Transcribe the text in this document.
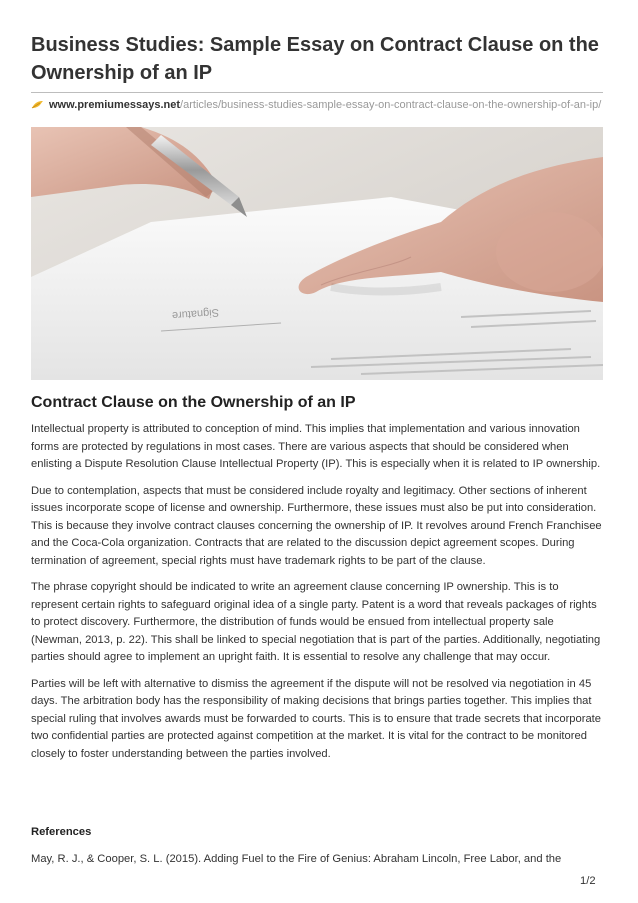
Business Studies: Sample Essay on Contract Clause on the Ownership of an IP
www.premiumessays.net/articles/business-studies-sample-essay-on-contract-clause-on-the-ownership-of-an-ip/
Signature
Contract Clause on the Ownership of an IP

Intellectual property is attributed to conception of mind. This implies that implementation and various innovation forms are protected by regulations in most cases. There are various aspects that should be considered when enlisting a Dispute Resolution Clause Intellectual Property (IP). This is especially when it is related to IP ownership.

Due to contemplation, aspects that must be considered include royalty and legitimacy. Other sections of inherent issues incorporate scope of license and ownership. Furthermore, these issues must also be put into consideration. This is because they involve contract clauses concerning the ownership of IP. It revolves around French Franchisee and the Coca-Cola organization. Contracts that are related to the discussion depict agreement scopes. During termination of agreement, special rights must have trademark rights to be part of the clause.

The phrase copyright should be indicated to write an agreement clause concerning IP ownership. This is to represent certain rights to safeguard original idea of a single party. Patent is a word that reveals packages of rights to protect discovery. Furthermore, the distribution of funds would be ensued from intellectual property sale (Newman, 2013, p. 22). This shall be linked to special negotiation that is part of the parties. Additionally, negotiating parties should agree to implement an upright faith. It is essential to resolve any challenge that may occur.

Parties will be left with alternative to dismiss the agreement if the dispute will not be resolved via negotiation in 45 days. The arbitration body has the responsibility of making decisions that brings parties together. This implies that special ruling that involves awards must be forwarded to courts. This is to ensure that trade secrets that incorporate two confidential parties are protected against competition at the market. It is vital for the contract to be monitored closely to foster understanding between the parties involved.

References
May, R. J., & Cooper, S. L. (2015). Adding Fuel to the Fire of Genius: Abraham Lincoln, Free Labor, and the
1/2
